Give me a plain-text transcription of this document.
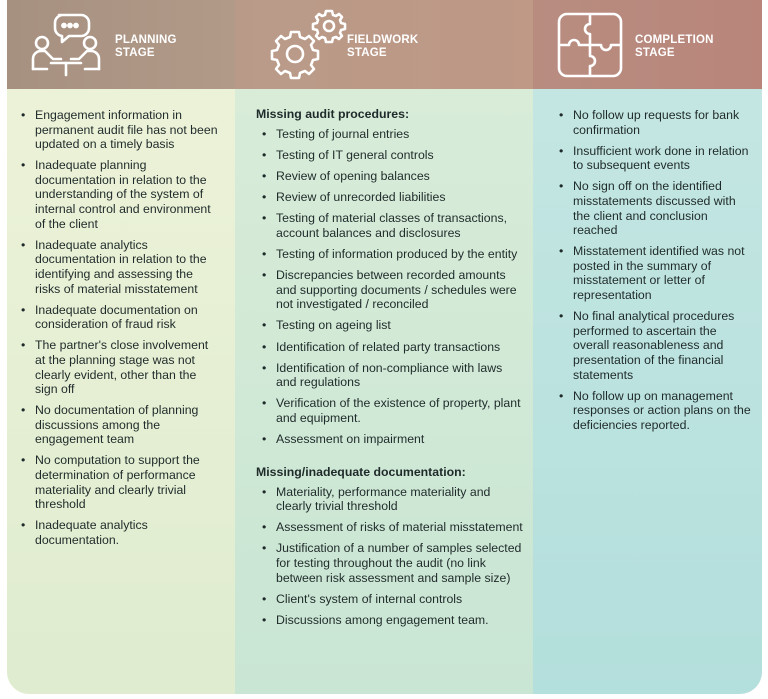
PLANNING
STAGE
• Engagement information in permanent audit file has not been updated on a timely basis
• Inadequate planning documentation in relation to the understanding of the system of internal control and environment of the client
• Inadequate analytics documentation in relation to the identifying and assessing the risks of material misstatement
• Inadequate documentation on consideration of fraud risk
• The partner's close involvement at the planning stage was not clearly evident, other than the sign off
• No documentation of planning discussions among the engagement team
• No computation to support the determination of performance materiality and clearly trivial threshold
• Inadequate analytics documentation.
FIELDWORK
STAGE
Missing audit procedures:
• Testing of journal entries
• Testing of IT general controls
• Review of opening balances
• Review of unrecorded liabilities
• Testing of material classes of transactions, account balances and disclosures
• Testing of information produced by the entity
• Discrepancies between recorded amounts and supporting documents / schedules were not investigated / reconciled
• Testing on ageing list
• Identification of related party transactions
• Identification of non-compliance with laws and regulations
• Verification of the existence of property, plant and equipment.
• Assessment on impairment
Missing/inadequate documentation:
• Materiality, performance materiality and clearly trivial threshold
• Assessment of risks of material misstatement
• Justification of a number of samples selected for testing throughout the audit (no link between risk assessment and sample size)
• Client's system of internal controls
• Discussions among engagement team.
COMPLETION
STAGE
• No follow up requests for bank confirmation
• Insufficient work done in relation to subsequent events
• No sign off on the identified misstatements discussed with the client and conclusion reached
• Misstatement identified was not posted in the summary of misstatement or letter of representation
• No final analytical procedures performed to ascertain the overall reasonableness and presentation of the financial statements
• No follow up on management responses or action plans on the deficiencies reported.
